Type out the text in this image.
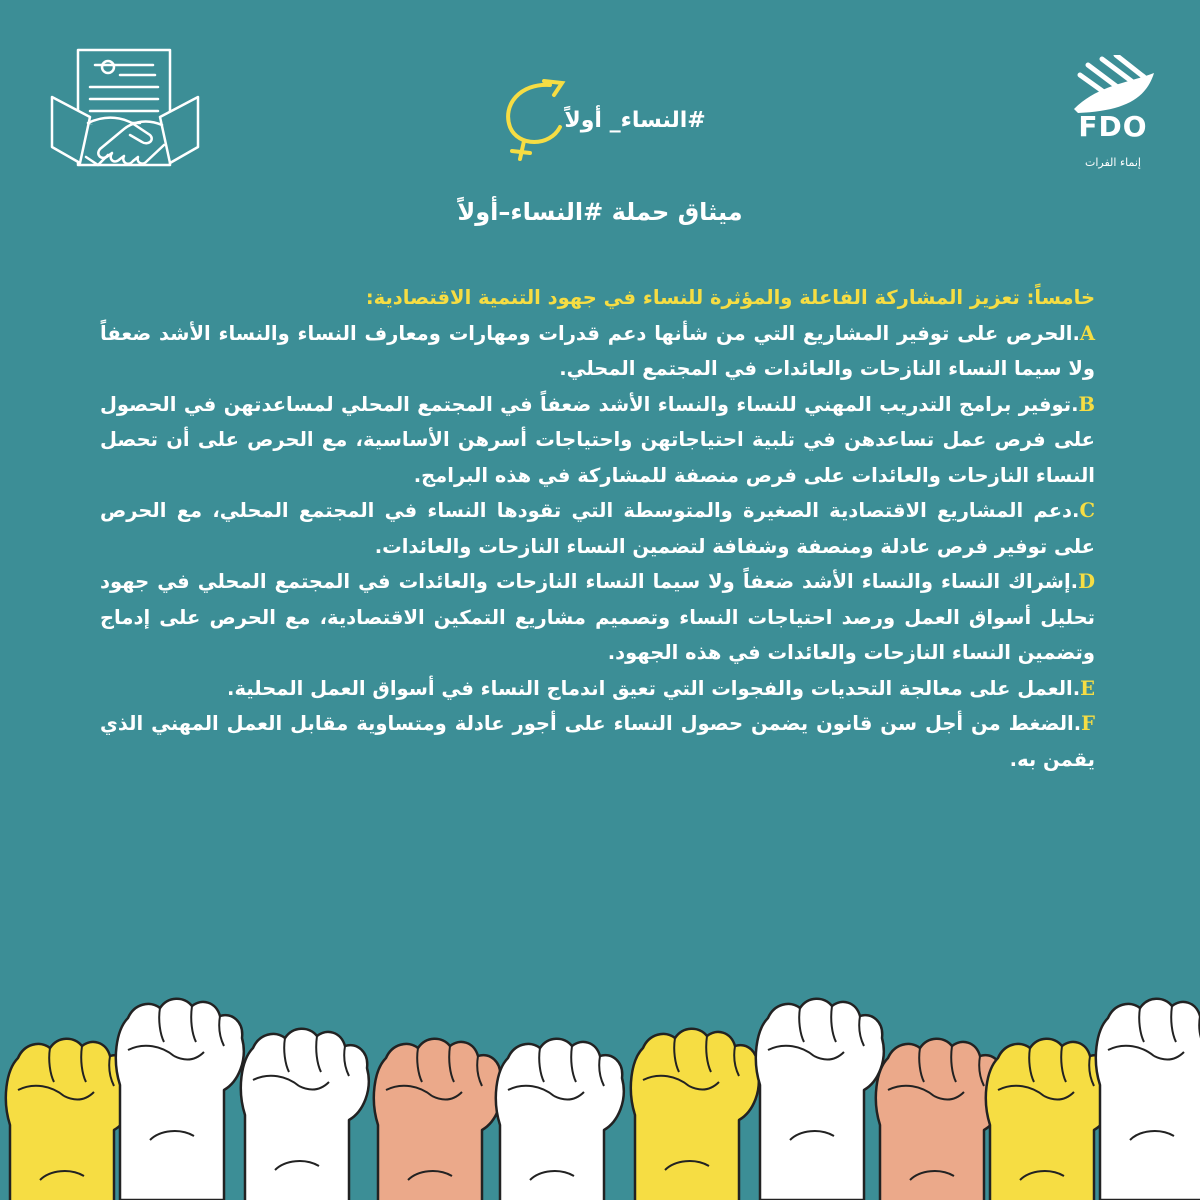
FDO
إنماء الفرات
#النساء_ أولاً
ميثاق حملة #النساء–أولاً

خامساً: تعزيز المشاركة الفاعلة والمؤثرة للنساء في جهود التنمية الاقتصادية:

A.الحرص على توفير المشاريع التي من شأنها دعم قدرات ومهارات ومعارف النساء والنساء الأشد ضعفاً ولا سيما النساء النازحات والعائدات في المجتمع المحلي.

B.توفير برامج التدريب المهني للنساء والنساء الأشد ضعفاً في المجتمع المحلي لمساعدتهن في الحصول على فرص عمل تساعدهن في تلبية احتياجاتهن واحتياجات أسرهن الأساسية، مع الحرص على أن تحصل النساء النازحات والعائدات على فرص منصفة للمشاركة في هذه البرامج.

C.دعم المشاريع الاقتصادية الصغيرة والمتوسطة التي تقودها النساء في المجتمع المحلي، مع الحرص على توفير فرص عادلة ومنصفة وشفافة لتضمين النساء النازحات والعائدات.

D.إشراك النساء والنساء الأشد ضعفاً ولا سيما النساء النازحات والعائدات في المجتمع المحلي في جهود تحليل أسواق العمل ورصد احتياجات النساء وتصميم مشاريع التمكين الاقتصادية، مع الحرص على إدماج وتضمين النساء النازحات والعائدات في هذه الجهود.

E.العمل على معالجة التحديات والفجوات التي تعيق اندماج النساء في أسواق العمل المحلية.

F.الضغط من أجل سن قانون يضمن حصول النساء على أجور عادلة ومتساوية مقابل العمل المهني الذي يقمن به.
